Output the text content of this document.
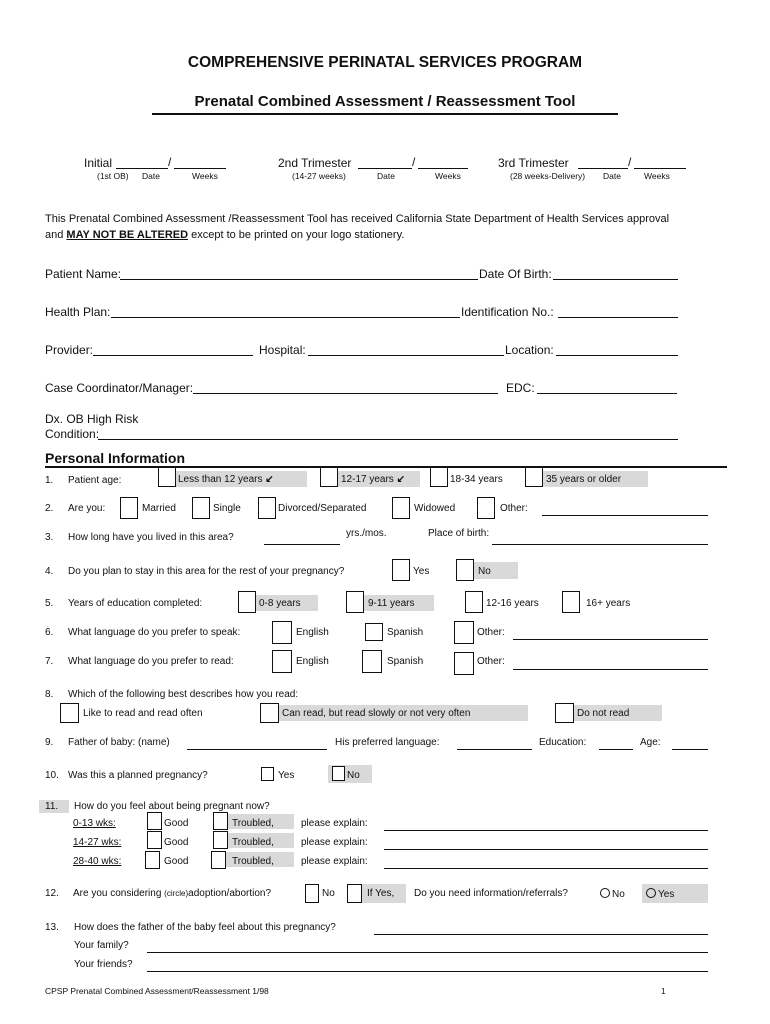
COMPREHENSIVE PERINATAL SERVICES PROGRAM
Prenatal Combined Assessment / Reassessment Tool
Initial	/
(1st OB) Date	Weeks
2nd Trimester	/
(14-27 weeks)	Date	Weeks
3rd Trimester	/
(28 weeks-Delivery) Date	Weeks
This Prenatal Combined Assessment /Reassessment Tool has received California State Department of Health Services approval
and MAY NOT BE ALTERED except to be printed on your logo stationery.
Patient Name:	Date Of Birth:
Health Plan:	Identification No.:
Provider:	Hospital:	Location:
Case Coordinator/Manager:	EDC:
Dx. OB High Risk
Condition:
Personal Information
1. Patient age:	Less than 12 years ↙	12-17 years ↙	18-34 years	35 years or older
2. Are you:	Married	Single	Divorced/Separated	Widowed	Other:
3. How long have you lived in this area?	yrs./mos.	Place of birth:
4. Do you plan to stay in this area for the rest of your pregnancy?	Yes	No
5. Years of education completed:	0-8 years	9-11 years	12-16 years	16+ years
6. What language do you prefer to speak:	English	Spanish	Other:
7. What language do you prefer to read:	English	Spanish	Other:
8. Which of the following best describes how you read:
Like to read and read often	Can read, but read slowly or not very often	Do not read
9. Father of baby: (name)	His preferred language:	Education:	Age:
10. Was this a planned pregnancy?	Yes	No
11. How do you feel about being pregnant now?
0-13 wks:	Good	Troubled,	please explain:
14-27 wks:	Good	Troubled,	please explain:
28-40 wks:	Good	Troubled,	please explain:
12. Are you considering (circle)adoption/abortion?	No	If Yes, Do you need information/referrals?	No	Yes
13. How does the father of the baby feel about this pregnancy?
Your family?
Your friends?
CPSP Prenatal Combined Assessment/Reassessment 1/98	1
